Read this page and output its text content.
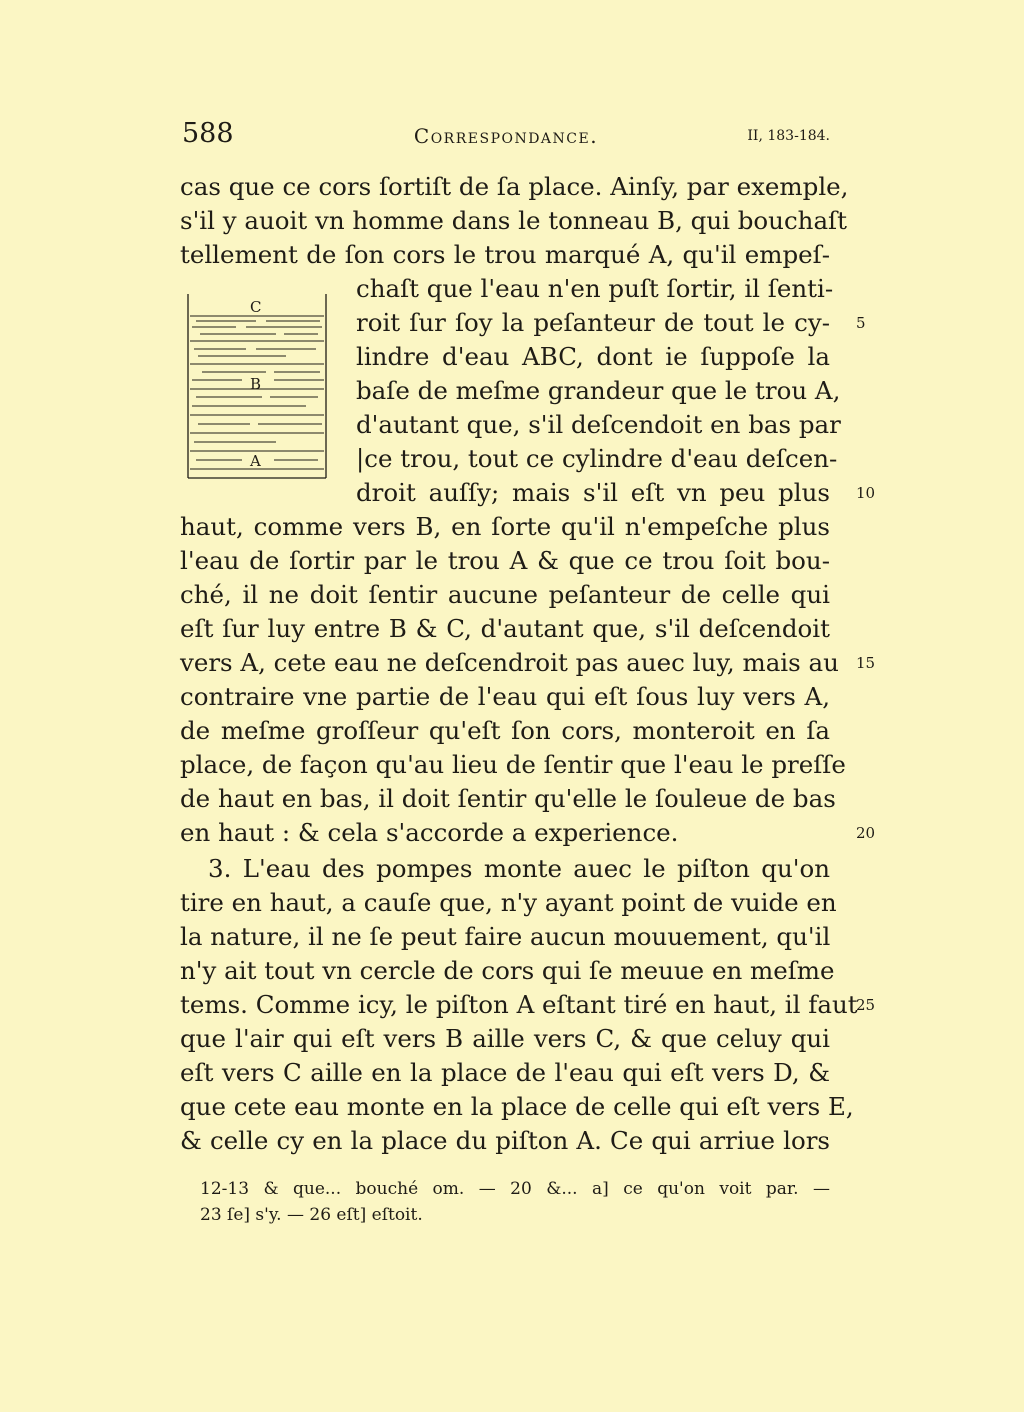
588	Correspondance.	II, 183-184.
cas que ce cors ſortiſt de ſa place. Ainſy, par exemple,
s'il y auoit vn homme dans le tonneau B, qui bouchaſt
tellement de ſon cors le trou marqué A, qu'il empeſ-
chaſt que l'eau n'en puſt ſortir, il ſenti-
roit ſur ſoy la peſanteur de tout le cy-
lindre d'eau ABC, dont ie ſuppoſe la
baſe de meſme grandeur que le trou A,
d'autant que, s'il deſcendoit en bas par
|ce trou, tout ce cylindre d'eau deſcen-
droit auſſy; mais s'il eſt vn peu plus
haut, comme vers B, en ſorte qu'il n'empeſche plus
l'eau de ſortir par le trou A & que ce trou ſoit bou-
ché, il ne doit ſentir aucune peſanteur de celle qui
eſt ſur luy entre B & C, d'autant que, s'il deſcendoit
vers A, cete eau ne deſcendroit pas auec luy, mais au
contraire vne partie de l'eau qui eſt ſous luy vers A,
de meſme groſſeur qu'eſt ſon cors, monteroit en ſa
place, de façon qu'au lieu de ſentir que l'eau le preſſe
de haut en bas, il doit ſentir qu'elle le ſouleue de bas
en haut : & cela s'accorde a experience.
3. L'eau des pompes monte auec le piſton qu'on
tire en haut, a cauſe que, n'y ayant point de vuide en
la nature, il ne ſe peut faire aucun mouuement, qu'il
n'y ait tout vn cercle de cors qui ſe meuue en meſme
tems. Comme icy, le piſton A eſtant tiré en haut, il faut
que l'air qui eſt vers B aille vers C, & que celuy qui
eſt vers C aille en la place de l'eau qui eſt vers D, &
que cete eau monte en la place de celle qui eſt vers E,
& celle cy en la place du piſton A. Ce qui arriue lors
5
10
15
20
25
C
B
A
12-13 & que... bouché om. — 20 &... a] ce qu'on voit par. —
23 ſe] s'y. — 26 eſt] eſtoit.
